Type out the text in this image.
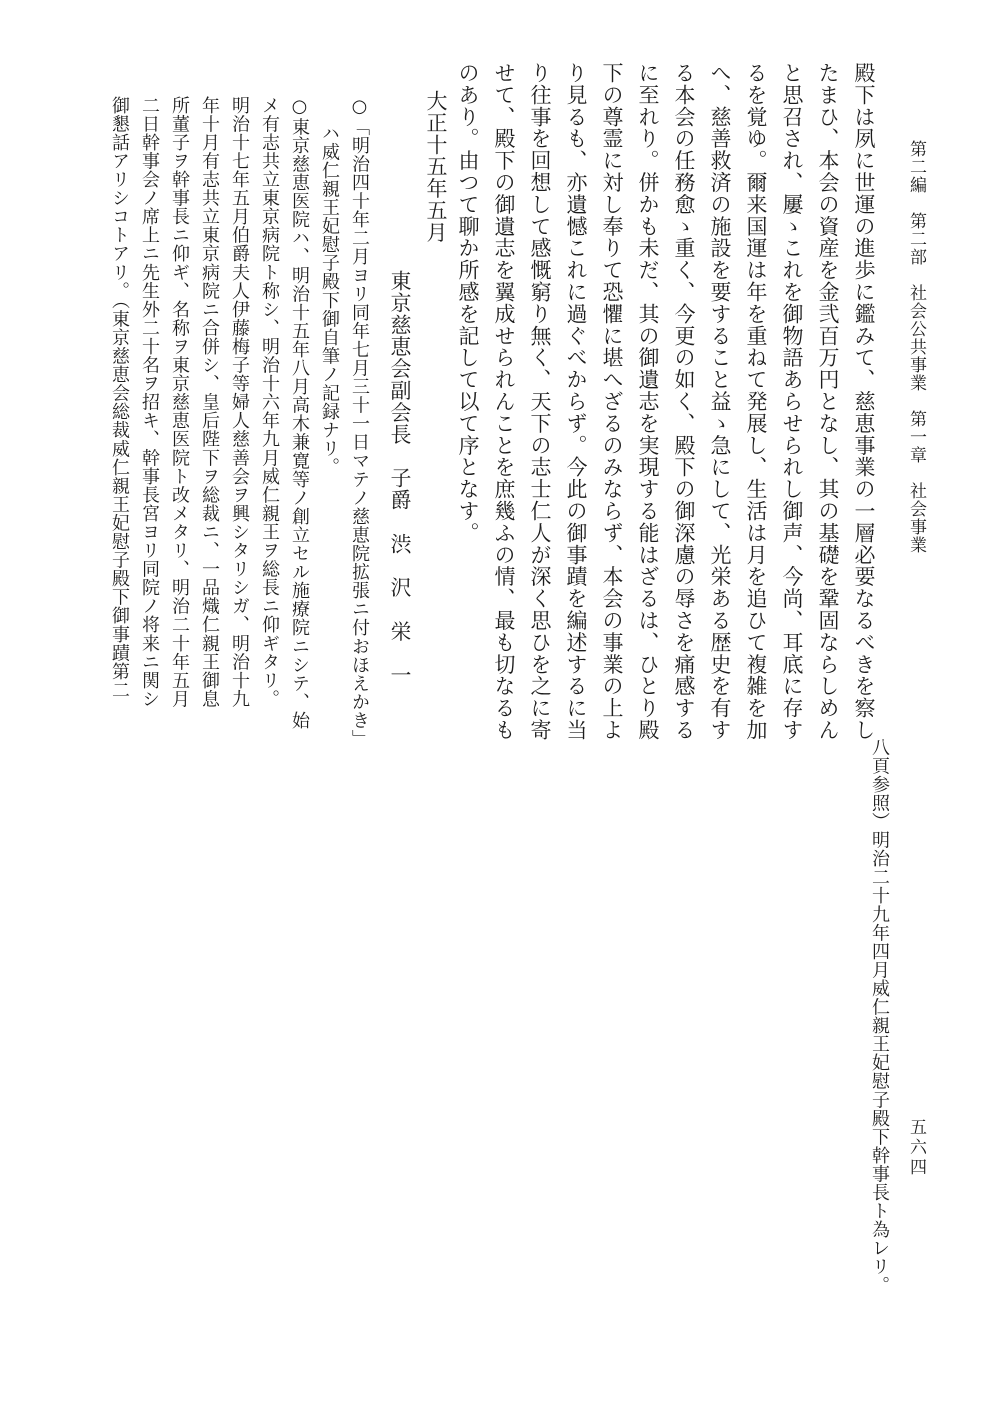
第二編　第二部　社会公共事業　第一章　社会事業
殿下は夙に世運の進歩に鑑みて、慈恵事業の一層必要なるべきを察し
たまひ、本会の資産を金弐百万円となし、其の基礎を鞏固ならしめん
と思召され、屢ゝこれを御物語あらせられし御声、今尚、耳底に存す
るを覚ゆ。爾来国運は年を重ねて発展し、生活は月を追ひて複雑を加
へ、慈善救済の施設を要すること益ゝ急にして、光栄ある歴史を有す
る本会の任務愈ゝ重く、今更の如く、殿下の御深慮の辱さを痛感する
に至れり。併かも未だ、其の御遺志を実現する能はざるは、ひとり殿
下の尊霊に対し奉りて恐懼に堪へざるのみならず、本会の事業の上よ
り見るも、亦遺憾これに過ぐべからず。今此の御事蹟を編述するに当
り往事を回想して感慨窮り無く、天下の志士仁人が深く思ひを之に寄
せて、殿下の御遺志を翼成せられんことを庶幾ふの情、最も切なるも
のあり。由つて聊か所感を記して以て序となす。
大正十五年五月
東京慈恵会副会長　子爵　渋　沢　栄　一
○「明治四十年二月ヨリ同年七月三十一日マテノ慈恵院拡張ニ付おほえかき」
ハ威仁親王妃慰子殿下御自筆ノ記録ナリ。
○東京慈恵医院ハ、明治十五年八月高木兼寛等ノ創立セル施療院ニシテ、始
メ有志共立東京病院ト称シ、明治十六年九月威仁親王ヲ総長ニ仰ギタリ。
明治十七年五月伯爵夫人伊藤梅子等婦人慈善会ヲ興シタリシガ、明治十九
年十月有志共立東京病院ニ合併シ、皇后陛下ヲ総裁ニ、一品熾仁親王御息
所董子ヲ幹事長ニ仰ギ、名称ヲ東京慈恵医院ト改メタリ、明治二十年五月
二日幹事会ノ席上ニ先生外二十名ヲ招キ、幹事長宮ヨリ同院ノ将来ニ関シ
御懇話アリシコトアリ。（東京慈恵会総裁威仁親王妃慰子殿下御事蹟第二
八頁参照）明治二十九年四月威仁親王妃慰子殿下幹事長ト為レリ。 五六四
